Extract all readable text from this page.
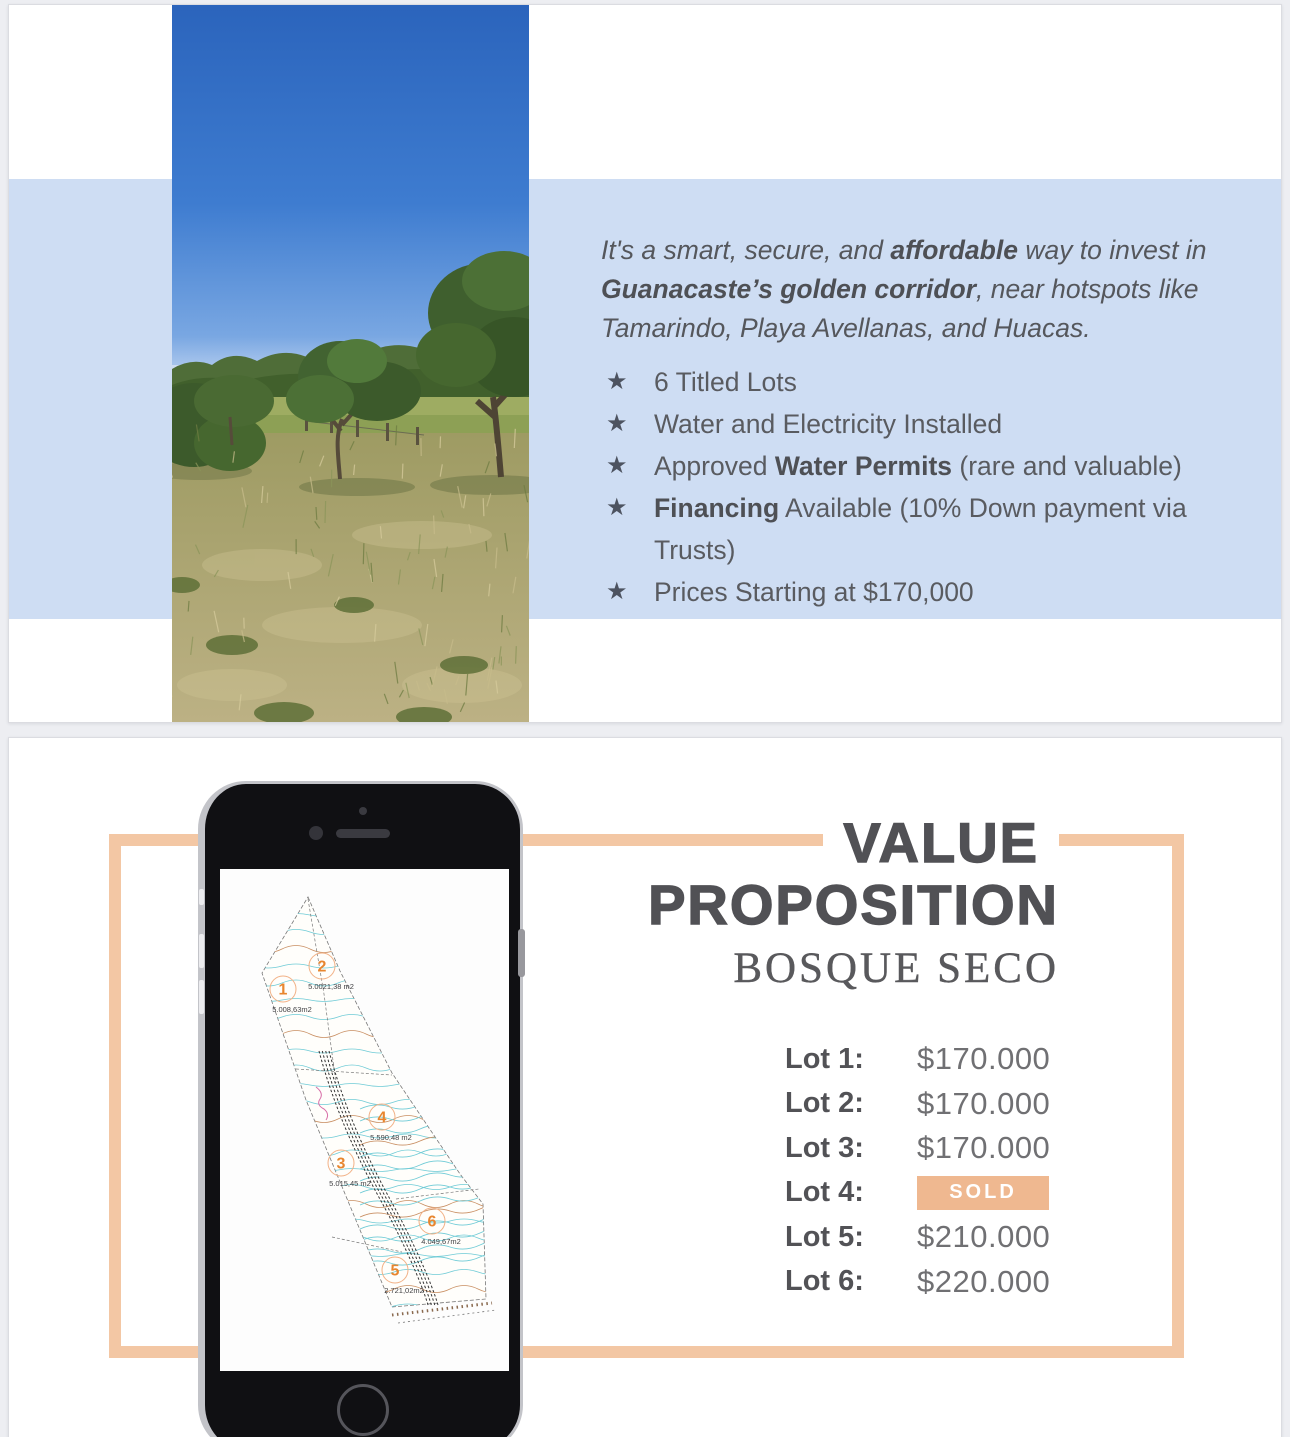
It's a smart, secure, and affordable way to invest in Guanacaste’s golden corridor, near hotspots like Tamarindo, Playa Avellanas, and Huacas.

★ 6 Titled Lots
★ Water and Electricity Installed
★ Approved Water Permits (rare and valuable)
★ Financing Available (10% Down payment via Trusts)
★ Prices Starting at $170,000
VALUE
PROPOSITION
BOSQUE SECO
Lot 1:	$170.000
Lot 2:	$170.000
Lot 3:	$170.000
Lot 4:	SOLD
Lot 5:	$210.000
Lot 6:	$220.000
1
5.008,63m2
2
5.0021,38 m2
3
5.015,45 m2
4
5.590,48 m2
5
2.721,02m2
6
4.049,67m2
